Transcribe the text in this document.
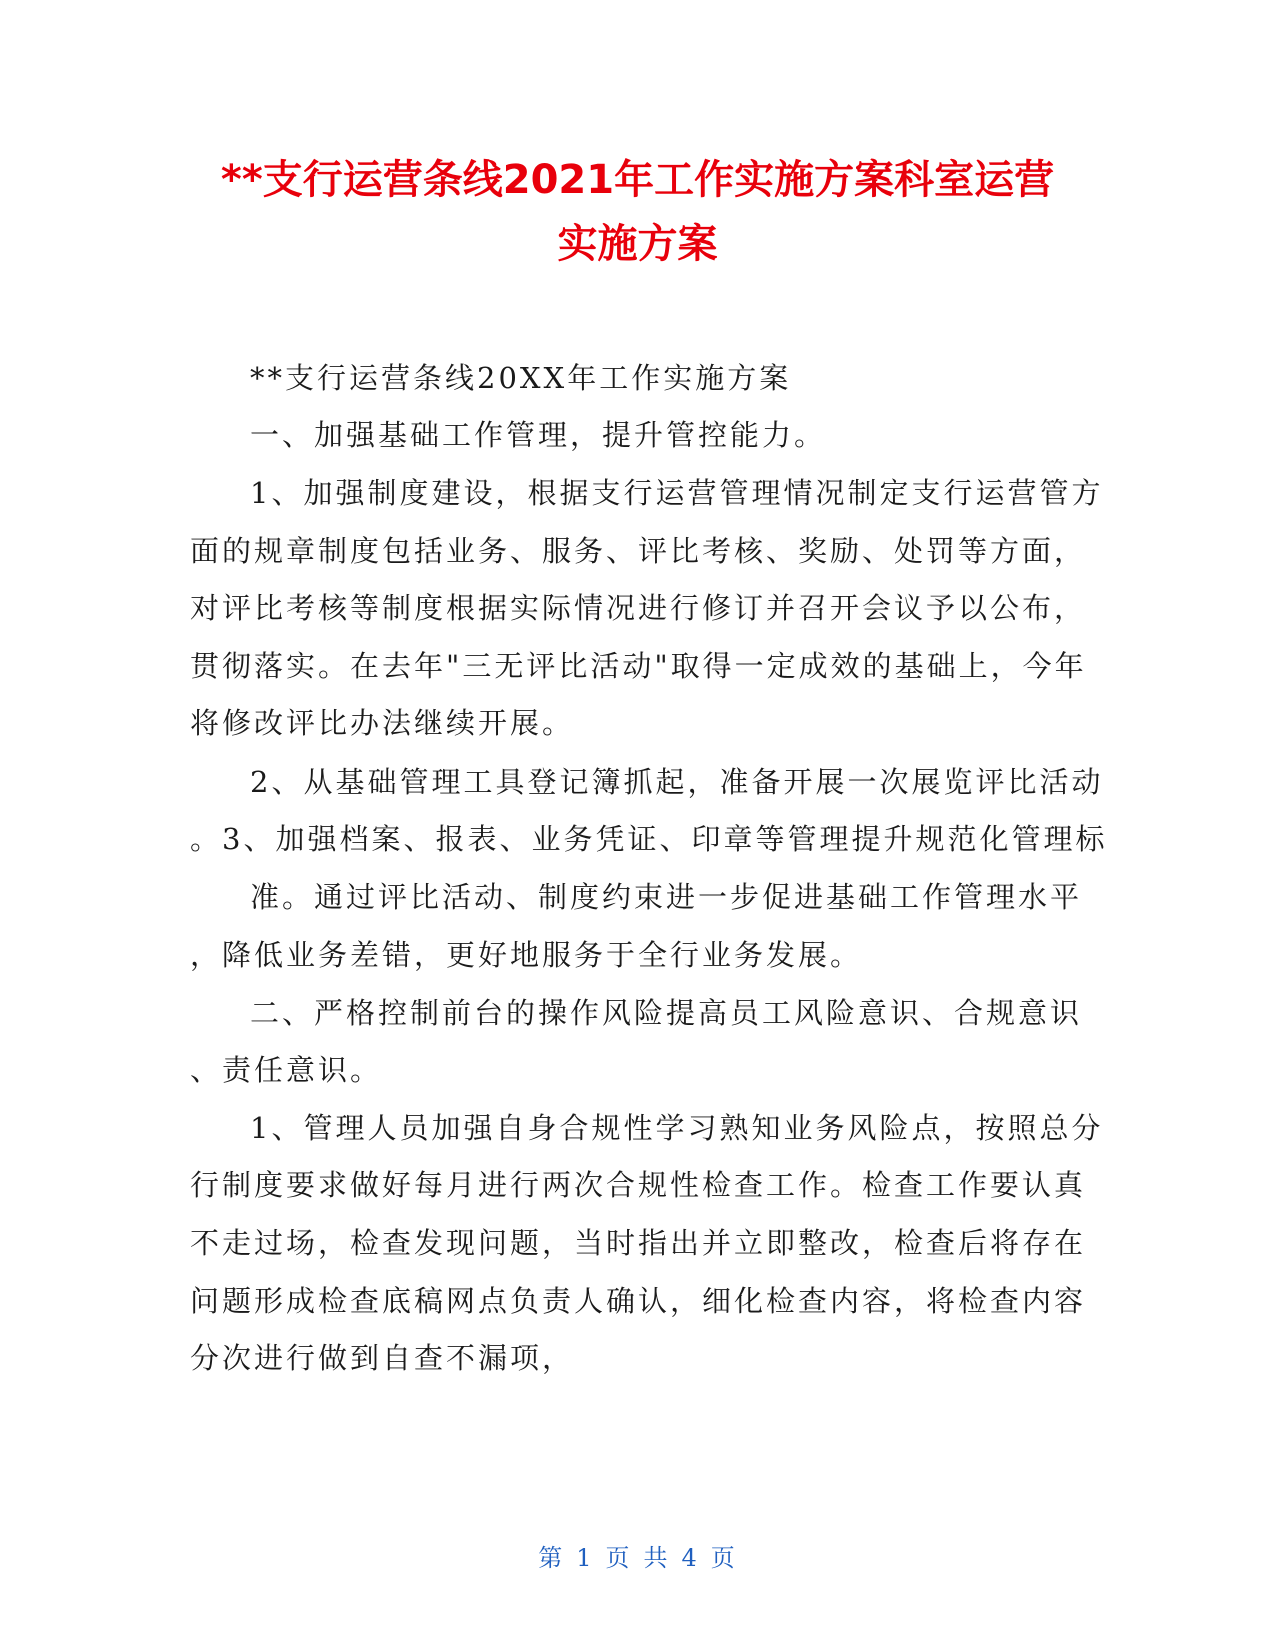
**支行运营条线2021年工作实施方案科室运营
实施方案
**支行运营条线20XX年工作实施方案
一、加强基础工作管理，提升管控能力。
1、加强制度建设，根据支行运营管理情况制定支行运营管方
面的规章制度包括业务、服务、评比考核、奖励、处罚等方面，
对评比考核等制度根据实际情况进行修订并召开会议予以公布，
贯彻落实。在去年"三无评比活动"取得一定成效的基础上，今年
将修改评比办法继续开展。
2、从基础管理工具登记簿抓起，准备开展一次展览评比活动
。3、加强档案、报表、业务凭证、印章等管理提升规范化管理标
准。通过评比活动、制度约束进一步促进基础工作管理水平
，降低业务差错，更好地服务于全行业务发展。
二、严格控制前台的操作风险提高员工风险意识、合规意识
、责任意识。
1、管理人员加强自身合规性学习熟知业务风险点，按照总分
行制度要求做好每月进行两次合规性检查工作。检查工作要认真
不走过场，检查发现问题，当时指出并立即整改，检查后将存在
问题形成检查底稿网点负责人确认，细化检查内容，将检查内容
分次进行做到自查不漏项，
第 1 页 共 4 页
